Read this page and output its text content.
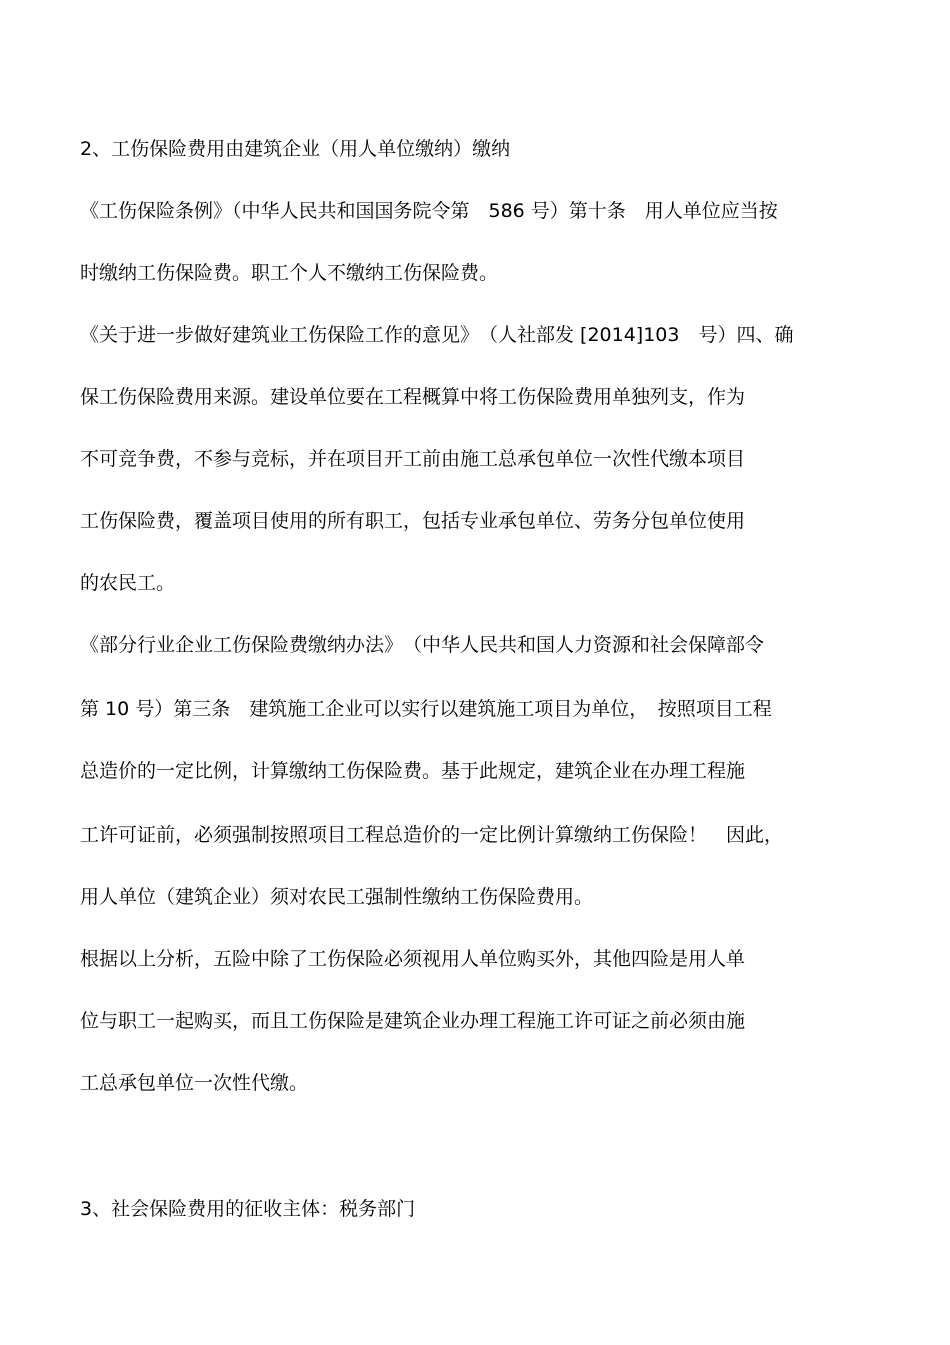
2、工伤保险费用由建筑企业（用人单位缴纳）缴纳
《工伤保险条例》（中华人民共和国国务院令第　586 号）第十条　用人单位应当按
时缴纳工伤保险费。职工个人不缴纳工伤保险费。
《关于进一步做好建筑业工伤保险工作的意见》　（人社部发 [2014]103　号）四、确
保工伤保险费用来源。建设单位要在工程概算中将工伤保险费用单独列支，作为
不可竞争费，不参与竞标，并在项目开工前由施工总承包单位一次性代缴本项目
工伤保险费，覆盖项目使用的所有职工，包括专业承包单位、劳务分包单位使用
的农民工。
《部分行业企业工伤保险费缴纳办法》　（中华人民共和国人力资源和社会保障部令
第 10 号）第三条　建筑施工企业可以实行以建筑施工项目为单位，　按照项目工程
总造价的一定比例，计算缴纳工伤保险费。基于此规定，建筑企业在办理工程施
工许可证前，必须强制按照项目工程总造价的一定比例计算缴纳工伤保险！　因此，
用人单位（建筑企业）须对农民工强制性缴纳工伤保险费用。
根据以上分析，五险中除了工伤保险必须视用人单位购买外，其他四险是用人单
位与职工一起购买，而且工伤保险是建筑企业办理工程施工许可证之前必须由施
工总承包单位一次性代缴。
3、社会保险费用的征收主体：税务部门
